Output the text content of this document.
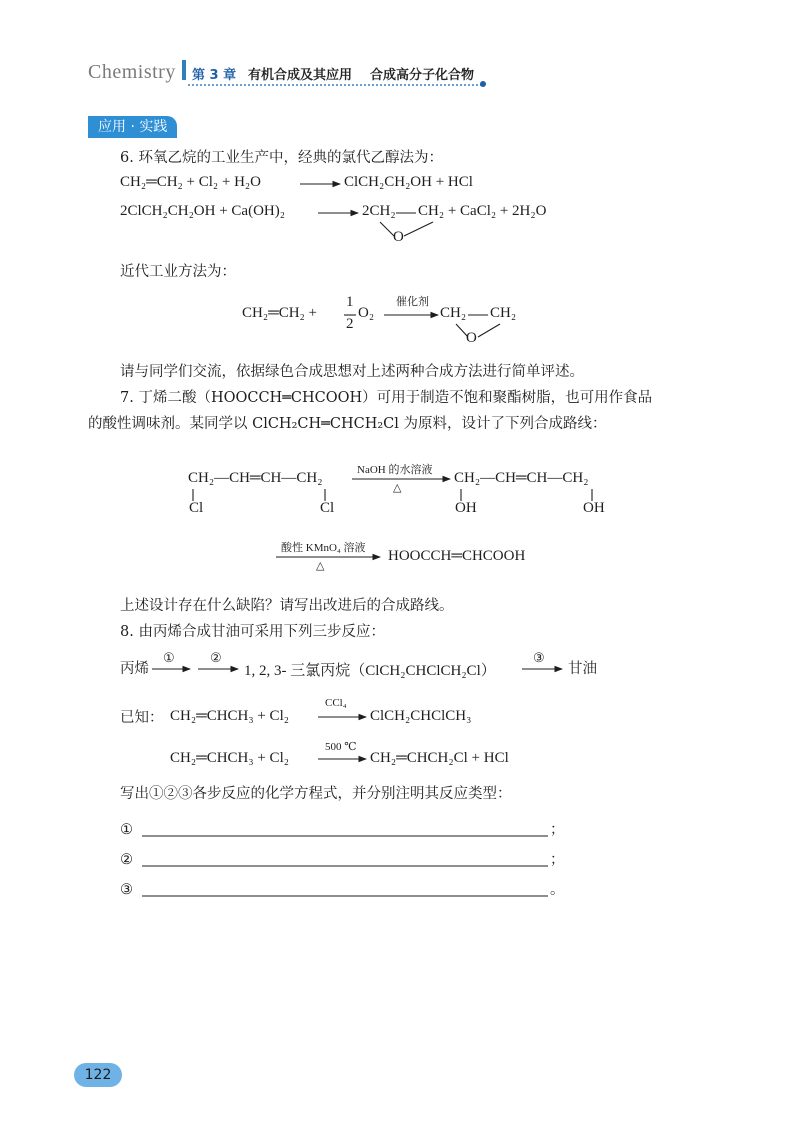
Chemistry 第 3 章 有机合成及其应用 合成高分子化合物
应用 · 实践
6. 环氧乙烷的工业生产中，经典的氯代乙醇法为：
CH₂═CH₂ + Cl₂ + H₂O	ClCH₂CH₂OH + HCl
2ClCH₂CH₂OH + Ca(OH)₂	2CH₂ CH₂ + CaCl₂ + 2H₂O
O
近代工业方法为：
CH₂═CH₂ +
1
2
O₂
催化剂
CH₂ CH₂
O
请与同学们交流，依据绿色合成思想对上述两种合成方法进行简单评述。
7. 丁烯二酸（HOOCCH═CHCOOH）可用于制造不饱和聚酯树脂，也可用作食品
的酸性调味剂。某同学以 ClCH₂CH═CHCH₂Cl 为原料，设计了下列合成路线：
CH₂—CH═CH—CH₂
Cl	Cl
NaOH 的水溶液
△
CH₂—CH═CH—CH₂
OH	OH
酸性 KMnO₄ 溶液
△
HOOCCH═CHCOOH
上述设计存在什么缺陷？请写出改进后的合成路线。
8. 由丙烯合成甘油可采用下列三步反应：
丙烯
①	②
1, 2, 3- 三氯丙烷（ClCH₂CHClCH₂Cl）
③
甘油
已知： CH₂═CHCH₃ + Cl₂
CCl₄
ClCH₂CHClCH₃
CH₂═CHCH₃ + Cl₂
500 ℃
CH₂═CHCH₂Cl + HCl
写出①②③各步反应的化学方程式，并分别注明其反应类型：
①	；
②	；
③	。
122
